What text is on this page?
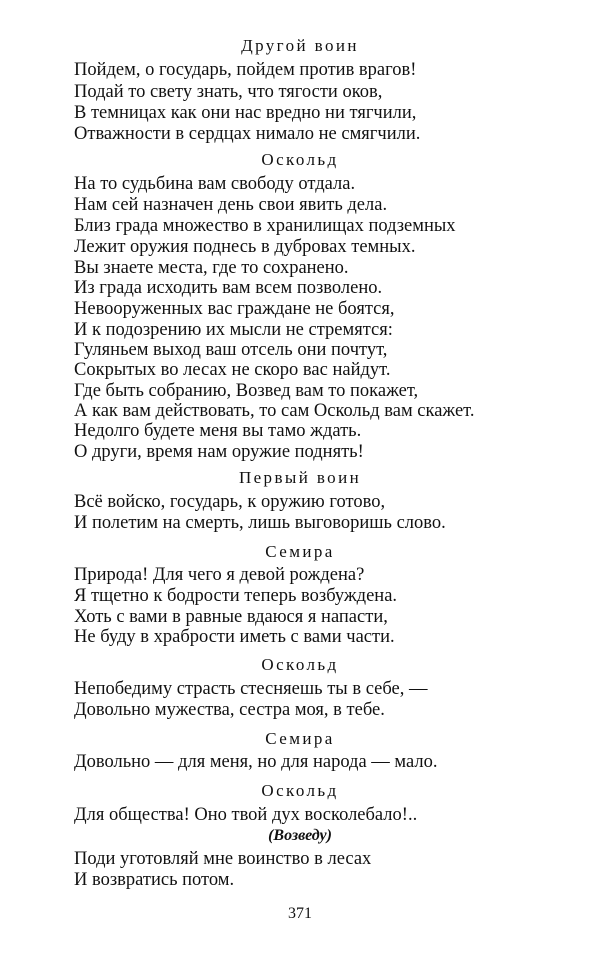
Другой воин
Пойдем, о государь, пойдем против врагов!
Подай то свету знать, что тягости оков,
В темницах как они нас вредно ни тягчили,
Отважности в сердцах нимало не смягчили.
Оскольд
На то судьбина вам свободу отдала.
Нам сей назначен день свои явить дела.
Близ града множество в хранилищах подземных
Лежит оружия поднесь в дубровах темных.
Вы знаете места, где то сохранено.
Из града исходить вам всем позволено.
Невооруженных вас граждане не боятся,
И к подозрению их мысли не стремятся:
Гуляньем выход ваш отсель они почтут,
Сокрытых во лесах не скоро вас найдут.
Где быть собранию, Возвед вам то покажет,
А как вам действовать, то сам Оскольд вам скажет.
Недолго будете меня вы тамо ждать.
О други, время нам оружие поднять!
Первый воин
Всё войско, государь, к оружию готово,
И полетим на смерть, лишь выговоришь слово.
Семира
Природа! Для чего я девой рождена?
Я тщетно к бодрости теперь возбуждена.
Хоть с вами в равные вдаюся я напасти,
Не буду в храбрости иметь с вами части.
Оскольд
Непобедиму страсть стесняешь ты в себе, —
Довольно мужества, сестра моя, в тебе.
Семира
Довольно — для меня, но для народа — мало.
Оскольд
Для общества! Оно твой дух восколебало!..
(Возведу)
Поди уготовляй мне воинство в лесах
И возвратись потом.
371
